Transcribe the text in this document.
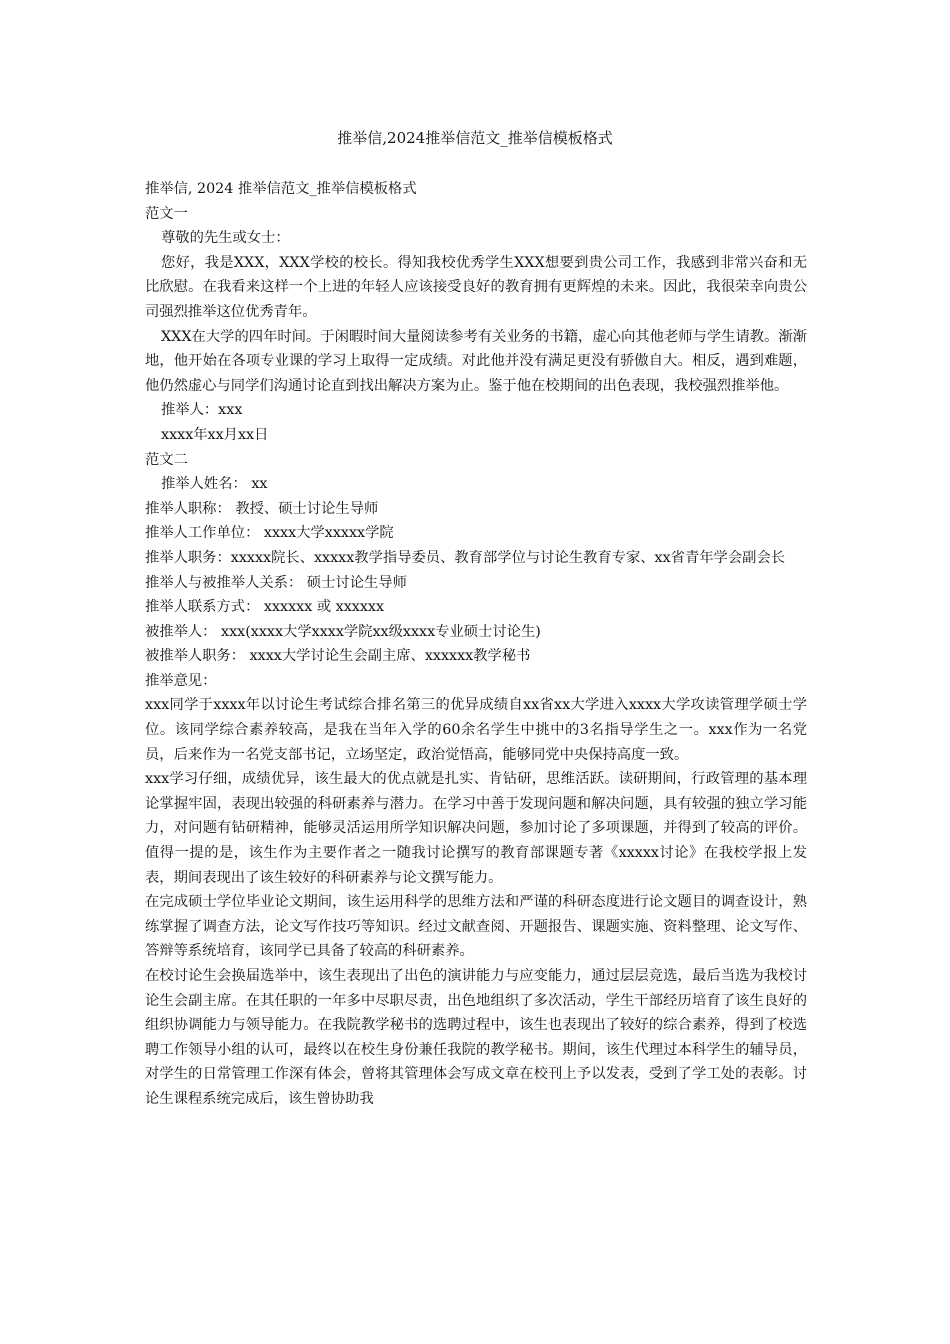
推举信,2024推举信范文_推举信模板格式

推举信, 2024 推举信范文_推举信模板格式

范文一

尊敬的先生或女士：

您好，我是XXX，XXX学校的校长。得知我校优秀学生XXX想要到贵公司工作，我感到非常兴奋和无比欣慰。在我看来这样一个上进的年轻人应该接受良好的教育拥有更辉煌的未来。因此，我很荣幸向贵公司强烈推举这位优秀青年。

XXX在大学的四年时间。于闲暇时间大量阅读参考有关业务的书籍，虚心向其他老师与学生请教。渐渐地，他开始在各项专业课的学习上取得一定成绩。对此他并没有满足更没有骄傲自大。相反，遇到难题，他仍然虚心与同学们沟通讨论直到找出解决方案为止。鉴于他在校期间的出色表现，我校强烈推举他。

推举人：xxx

xxxx年xx月xx日

范文二

推举人姓名： xx

推举人职称： 教授、硕士讨论生导师

推举人工作单位： xxxx大学xxxxx学院

推举人职务：xxxxx院长、xxxxx教学指导委员、教育部学位与讨论生教育专家、xx省青年学会副会长

推举人与被推举人关系： 硕士讨论生导师

推举人联系方式： xxxxxx 或 xxxxxx

被推举人： xxx(xxxx大学xxxx学院xx级xxxx专业硕士讨论生)

被推举人职务： xxxx大学讨论生会副主席、xxxxxx教学秘书

推举意见：

xxx同学于xxxx年以讨论生考试综合排名第三的优异成绩自xx省xx大学进入xxxx大学攻读管理学硕士学位。该同学综合素养较高，是我在当年入学的60余名学生中挑中的3名指导学生之一。xxx作为一名党员，后来作为一名党支部书记，立场坚定，政治觉悟高，能够同党中央保持高度一致。

xxx学习仔细，成绩优异，该生最大的优点就是扎实、肯钻研，思维活跃。读研期间，行政管理的基本理论掌握牢固，表现出较强的科研素养与潜力。在学习中善于发现问题和解决问题，具有较强的独立学习能力，对问题有钻研精神，能够灵活运用所学知识解决问题，参加讨论了多项课题，并得到了较高的评价。值得一提的是，该生作为主要作者之一随我讨论撰写的教育部课题专著《xxxxx讨论》在我校学报上发表，期间表现出了该生较好的科研素养与论文撰写能力。

在完成硕士学位毕业论文期间，该生运用科学的思维方法和严谨的科研态度进行论文题目的调查设计，熟练掌握了调查方法，论文写作技巧等知识。经过文献查阅、开题报告、课题实施、资料整理、论文写作、答辩等系统培育，该同学已具备了较高的科研素养。

在校讨论生会换届选举中，该生表现出了出色的演讲能力与应变能力，通过层层竞选，最后当选为我校讨论生会副主席。在其任职的一年多中尽职尽责，出色地组织了多次活动，学生干部经历培育了该生良好的组织协调能力与领导能力。在我院教学秘书的选聘过程中，该生也表现出了较好的综合素养，得到了校选聘工作领导小组的认可，最终以在校生身份兼任我院的教学秘书。期间，该生代理过本科学生的辅导员，对学生的日常管理工作深有体会，曾将其管理体会写成文章在校刊上予以发表，受到了学工处的表彰。讨论生课程系统完成后，该生曾协助我
